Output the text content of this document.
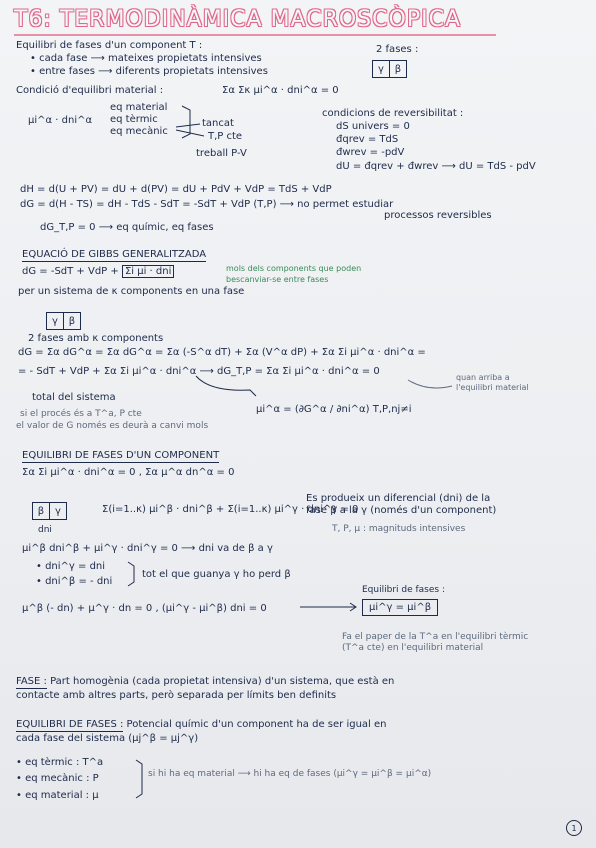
T6: TERMODINÀMICA MACROSCÒPICA
Equilibri de fases d'un component T :
• cada fase ⟶ mateixes propietats intensives
• entre fases ⟶ diferents propietats intensives
2 fases :
γ	β
Condició d'equilibri material :	Σα Σκ μi^α · dni^α = 0
μi^α · dni^α
eq material
eq tèrmic
eq mecànic
tancat
T,P cte
treball P-V
condicions de reversibilitat :
dS univers = 0
đqrev = TdS
đwrev = -pdV
dU = đqrev + đwrev ⟶ dU = TdS - pdV
dH = d(U + PV) = dU + d(PV) = dU + PdV + VdP = TdS + VdP
dG = d(H - TS) = dH - TdS - SdT = -SdT + VdP (T,P) ⟶ no permet estudiar
processos reversibles
dG_T,P = 0 ⟶ eq químic, eq fases
EQUACIÓ DE GIBBS GENERALITZADA
dG = -SdT + VdP + Σi μi · dni	mols dels components que poden
bescanviar-se entre fases
per un sistema de κ components en una fase
γ	β
2 fases amb κ components
dG = Σα dG^α = Σα dG^α = Σα (-S^α dT) + Σα (V^α dP) + Σα Σi μi^α · dni^α =
= - SdT + VdP + Σα Σi μi^α · dni^α ⟶ dG_T,P = Σα Σi μi^α · dni^α = 0
quan arriba a
l'equilibri material
total del sistema
μi^α = (∂G^α / ∂ni^α) T,P,nj≠i
si el procés és a T^a, P cte
el valor de G només es deurà a canvi mols
EQUILIBRI DE FASES D'UN COMPONENT
Σα Σi μi^α · dni^α = 0 , Σα μ^α dn^α = 0
β	γ
dni
Σ(i=1..κ) μi^β · dni^β + Σ(i=1..κ) μi^γ · dni^γ = 0
Es produeix un diferencial (dni) de la
fase β a la γ (només d'un component)
T, P, μ : magnituds intensives
μi^β dni^β + μi^γ · dni^γ = 0 ⟶ dni va de β a γ
• dni^γ = dni
• dni^β = - dni
tot el que guanya γ ho perd β
Equilibri de fases :
μ^β (- dn) + μ^γ · dn = 0 , (μi^γ - μi^β) dni = 0	μi^γ = μi^β
Fa el paper de la T^a en l'equilibri tèrmic
(T^a cte) en l'equilibri material
FASE : Part homogènia (cada propietat intensiva) d'un sistema, que està en
contacte amb altres parts, però separada per límits ben definits
EQUILIBRI DE FASES : Potencial químic d'un component ha de ser igual en
cada fase del sistema (μj^β = μj^γ)
• eq tèrmic : T^a
• eq mecànic : P
• eq material : μ
si hi ha eq material ⟶ hi ha eq de fases (μi^γ = μi^β = μi^α)
1
